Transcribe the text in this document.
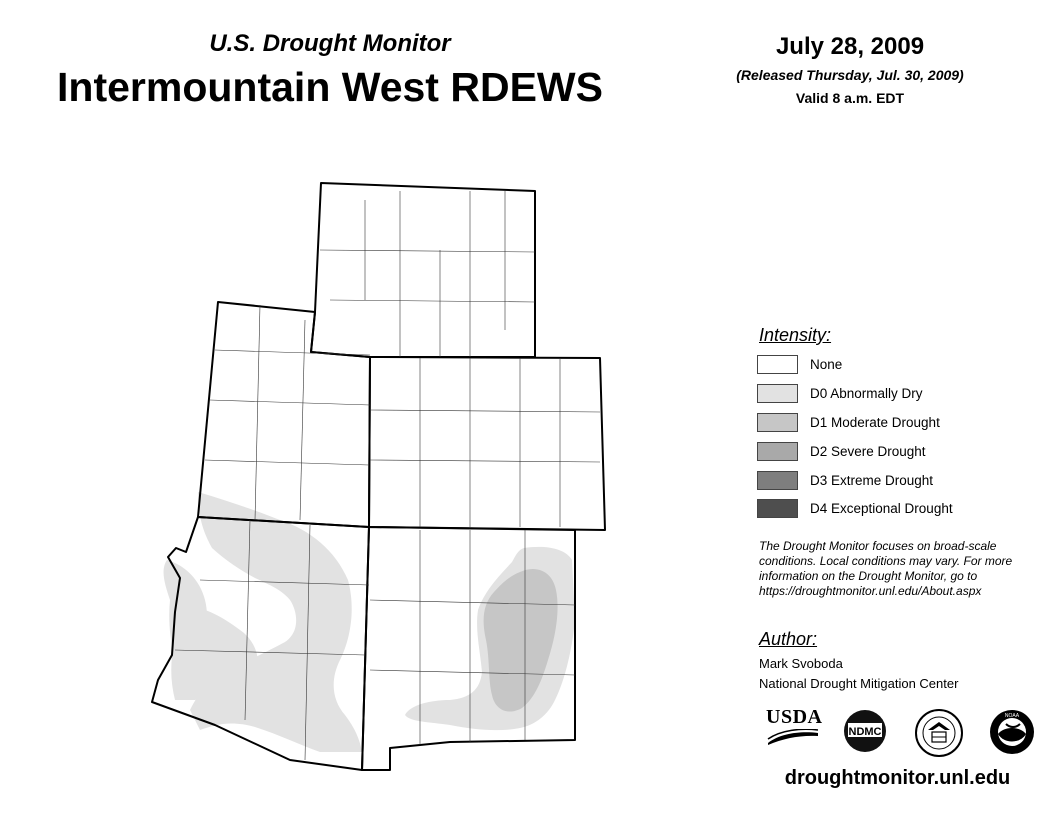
U.S. Drought Monitor
Intermountain West RDEWS
July 28, 2009
(Released Thursday, Jul. 30, 2009)
Valid 8 a.m. EDT
Intensity:
None
D0 Abnormally Dry
D1 Moderate Drought
D2 Severe Drought
D3 Extreme Drought
D4 Exceptional Drought
The Drought Monitor focuses on broad-scale conditions. Local conditions may vary. For more information on the Drought Monitor, go to https://droughtmonitor.unl.edu/About.aspx
Author:
Mark Svoboda
National Drought Mitigation Center
USDA
NDMC
NOAA
droughtmonitor.unl.edu
